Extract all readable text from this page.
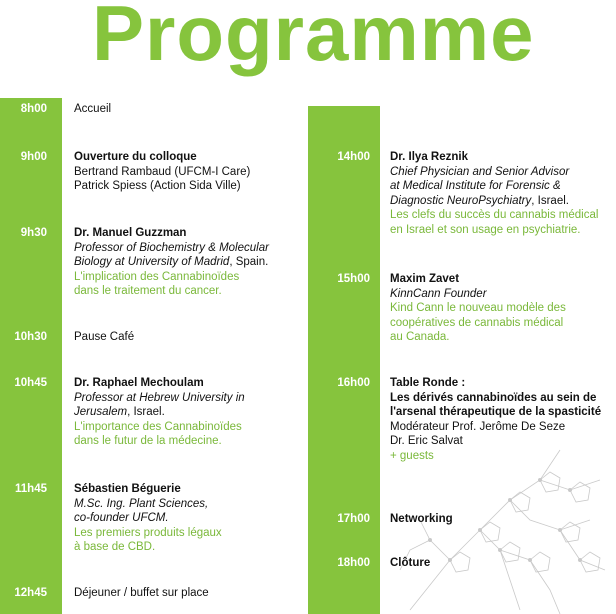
Programme
8h00 Accueil
9h00 Ouverture du colloque
Bertrand Rambaud (UFCM-I Care)
Patrick Spiess (Action Sida Ville)
9h30 Dr. Manuel Guzzman
Professor of Biochemistry & Molecular
Biology at University of Madrid, Spain.
L'implication des Cannabinoïdes
dans le traitement du cancer.
10h30 Pause Café
10h45 Dr. Raphael Mechoulam
Professor at Hebrew University in
Jerusalem, Israel.
L'importance des Cannabinoïdes
dans le futur de la médecine.
11h45 Sébastien Béguerie
M.Sc. Ing. Plant Sciences,
co-founder UFCM.
Les premiers produits légaux
à base de CBD.
12h45 Déjeuner / buffet sur place
14h00 Dr. Ilya Reznik
Chief Physician and Senior Advisor
at Medical Institute for Forensic &
Diagnostic NeuroPsychiatry, Israel.
Les clefs du succès du cannabis médical
en Israel et son usage en psychiatrie.
15h00 Maxim Zavet
KinnCann Founder
Kind Cann le nouveau modèle des
coopératives de cannabis médical
au Canada.
16h00 Table Ronde :
Les dérivés cannabinoïdes au sein de
l'arsenal thérapeutique de la spasticité
Modérateur Prof. Jerôme De Seze
Dr. Eric Salvat
+ guests
17h00 Networking
18h00 Clôture
